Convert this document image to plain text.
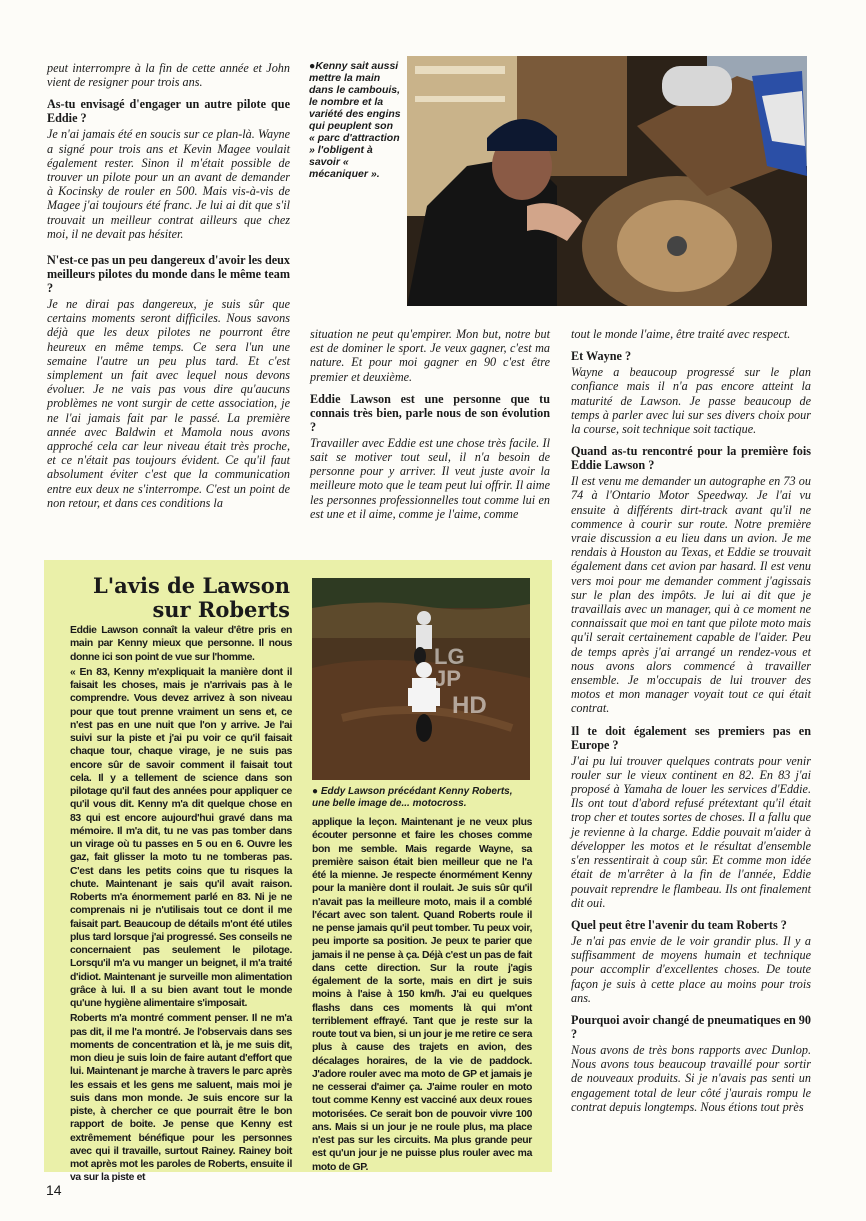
●Kenny sait aussi mettre la main dans le cambouis, le nombre et la variété des engins qui peuplent son « parc d'attraction » l'obligent à savoir « mécaniquer ».

peut interrompre à la fin de cette année et John vient de resigner pour trois ans.

As-tu envisagé d'engager un autre pilote que Eddie ?

Je n'ai jamais été en soucis sur ce plan-là. Wayne a signé pour trois ans et Kevin Magee voulait également rester. Sinon il m'était possible de trouver un pilote pour un an avant de demander à Kocinsky de rouler en 500. Mais vis-à-vis de Magee j'ai toujours été franc. Je lui ai dit que s'il trouvait un meilleur contrat ailleurs que chez moi, il ne devait pas hésiter.

N'est-ce pas un peu dangereux d'avoir les deux meilleurs pilotes du monde dans le même team ?

Je ne dirai pas dangereux, je suis sûr que certains moments seront difficiles. Nous savons déjà que les deux pilotes ne pourront être heureux en même temps. Ce sera l'un une semaine l'autre un peu plus tard. Et c'est simplement un fait avec lequel nous devons évoluer. Je ne vais pas vous dire qu'aucuns problèmes ne vont surgir de cette association, je ne l'ai jamais fait par le passé. La première année avec Baldwin et Mamola nous avons approché cela car leur niveau était très proche, et ce n'était pas toujours évident. Ce qu'il faut absolument éviter c'est que la communication entre eux deux ne s'interrompe. C'est un point de non retour, et dans ces conditions la

situation ne peut qu'empirer. Mon but, notre but est de dominer le sport. Je veux gagner, c'est ma nature. Et pour moi gagner en 90 c'est être premier et deuxième.

Eddie Lawson est une personne que tu connais très bien, parle nous de son évolution ?

Travailler avec Eddie est une chose très facile. Il sait se motiver tout seul, il n'a besoin de personne pour y arriver. Il veut juste avoir la meilleure moto que le team peut lui offrir. Il aime les personnes professionnelles tout comme lui en est une et il aime, comme je l'aime, comme

tout le monde l'aime, être traité avec respect.

Et Wayne ?

Wayne a beaucoup progressé sur le plan confiance mais il n'a pas encore atteint la maturité de Lawson. Je passe beaucoup de temps à parler avec lui sur ses divers choix pour la course, soit technique soit tactique.

Quand as-tu rencontré pour la première fois Eddie Lawson ?

Il est venu me demander un autographe en 73 ou 74 à l'Ontario Motor Speedway. Je l'ai vu ensuite à différents dirt-track avant qu'il ne commence à courir sur route. Notre première vraie discussion a eu lieu dans un avion. Je me rendais à Houston au Texas, et Eddie se trouvait également dans cet avion par hasard. Il est venu vers moi pour me demander comment j'agissais sur le plan des impôts. Je lui ai dit que je travaillais avec un manager, qui à ce moment ne connaissait que moi en tant que pilote moto mais qu'il serait certainement capable de l'aider. Peu de temps après j'ai arrangé un rendez-vous et nous avons alors commencé à travailler ensemble. Je m'occupais de lui trouver des motos et mon manager voyait tout ce qui était contrat.

Il te doit également ses premiers pas en Europe ?

J'ai pu lui trouver quelques contrats pour venir rouler sur le vieux continent en 82. En 83 j'ai proposé à Yamaha de louer les services d'Eddie. Ils ont tout d'abord refusé prétextant qu'il était trop cher et toutes sortes de choses. Il a fallu que je revienne à la charge. Eddie pouvait m'aider à développer les motos et le résultat d'ensemble s'en ressentirait à coup sûr. Et comme mon idée était de m'arrêter à la fin de l'année, Eddie pouvait reprendre le flambeau. Ils ont finalement dit oui.

Quel peut être l'avenir du team Roberts ?

Je n'ai pas envie de le voir grandir plus. Il y a suffisamment de moyens humain et technique pour accomplir d'excellentes choses. De toute façon je suis à cette place au moins pour trois ans.

Pourquoi avoir changé de pneumatiques en 90 ?

Nous avons de très bons rapports avec Dunlop. Nous avons tous beaucoup travaillé pour sortir de nouveaux produits. Si je n'avais pas senti un engagement total de leur côté j'aurais rompu le contrat depuis longtemps. Nous étions tout près

L'avis de Lawson
sur Roberts

Eddie Lawson connaît la valeur d'être pris en main par Kenny mieux que personne. Il nous donne ici son point de vue sur l'homme.

« En 83, Kenny m'expliquait la manière dont il faisait les choses, mais je n'arrivais pas à le comprendre. Vous devez arrivez à son niveau pour que tout prenne vraiment un sens et, ce n'est pas en une nuit que l'on y arrive. Je l'ai suivi sur la piste et j'ai pu voir ce qu'il faisait chaque tour, chaque virage, je ne suis pas encore sûr de savoir comment il faisait tout cela. Il y a tellement de science dans son pilotage qu'il faut des années pour appliquer ce qu'il vous dit. Kenny m'a dit quelque chose en 83 qui est encore aujourd'hui gravé dans ma mémoire. Il m'a dit, tu ne vas pas tomber dans un virage où tu passes en 5 ou en 6. Ouvre les gaz, fait glisser la moto tu ne tomberas pas. C'est dans les petits coins que tu risques la chute. Maintenant je sais qu'il avait raison. Roberts m'a énormement parlé en 83. Ni je ne comprenais ni je n'utilisais tout ce dont il me faisait part. Beaucoup de détails m'ont été utiles plus tard lorsque j'ai progressé. Ses conseils ne concernaient pas seulement le pilotage. Lorsqu'il m'a vu manger un beignet, il m'a traité d'idiot. Maintenant je surveille mon alimentation grâce à lui. Il a su bien avant tout le monde qu'une hygiène alimentaire s'imposait.

Roberts m'a montré comment penser. Il ne m'a pas dit, il me l'a montré. Je l'observais dans ses moments de concentration et là, je me suis dit, mon dieu je suis loin de faire autant d'effort que lui. Maintenant je marche à travers le parc après les essais et les gens me saluent, mais moi je suis dans mon monde. Je suis encore sur la piste, à chercher ce que pourrait être le bon rapport de boite. Je pense que Kenny est extrêmement bénéfique pour les personnes avec qui il travaille, surtout Rainey. Rainey boit mot après mot les paroles de Roberts, ensuite il va sur la piste et

LG
JP
HD
● Eddy Lawson précédant Kenny Roberts, une belle image de... motocross.

applique la leçon. Maintenant je ne veux plus écouter personne et faire les choses comme bon me semble. Mais regarde Wayne, sa première saison était bien meilleur que ne l'a été la mienne. Je respecte énormément Kenny pour la manière dont il roulait. Je suis sûr qu'il n'avait pas la meilleure moto, mais il a comblé l'écart avec son talent. Quand Roberts roule il ne pense jamais qu'il peut tomber. Tu peux voir, peu importe sa position. Je peux te parier que jamais il ne pense à ça. Déjà c'est un pas de fait dans cette direction. Sur la route j'agis également de la sorte, mais en dirt je suis moins à l'aise à 150 km/h. J'ai eu quelques flashs dans ces moments là qui m'ont terriblement effrayé. Tant que je reste sur la route tout va bien, si un jour je me retire ce sera plus à cause des trajets en avion, des décalages horaires, de la vie de paddock. J'adore rouler avec ma moto de GP et jamais je ne cesserai d'aimer ça. J'aime rouler en moto tout comme Kenny est vacciné aux deux roues motorisées. Ce serait bon de pouvoir vivre 100 ans. Mais si un jour je ne roule plus, ma place n'est pas sur les circuits. Ma plus grande peur est qu'un jour je ne puisse plus rouler avec ma moto de GP.

14
